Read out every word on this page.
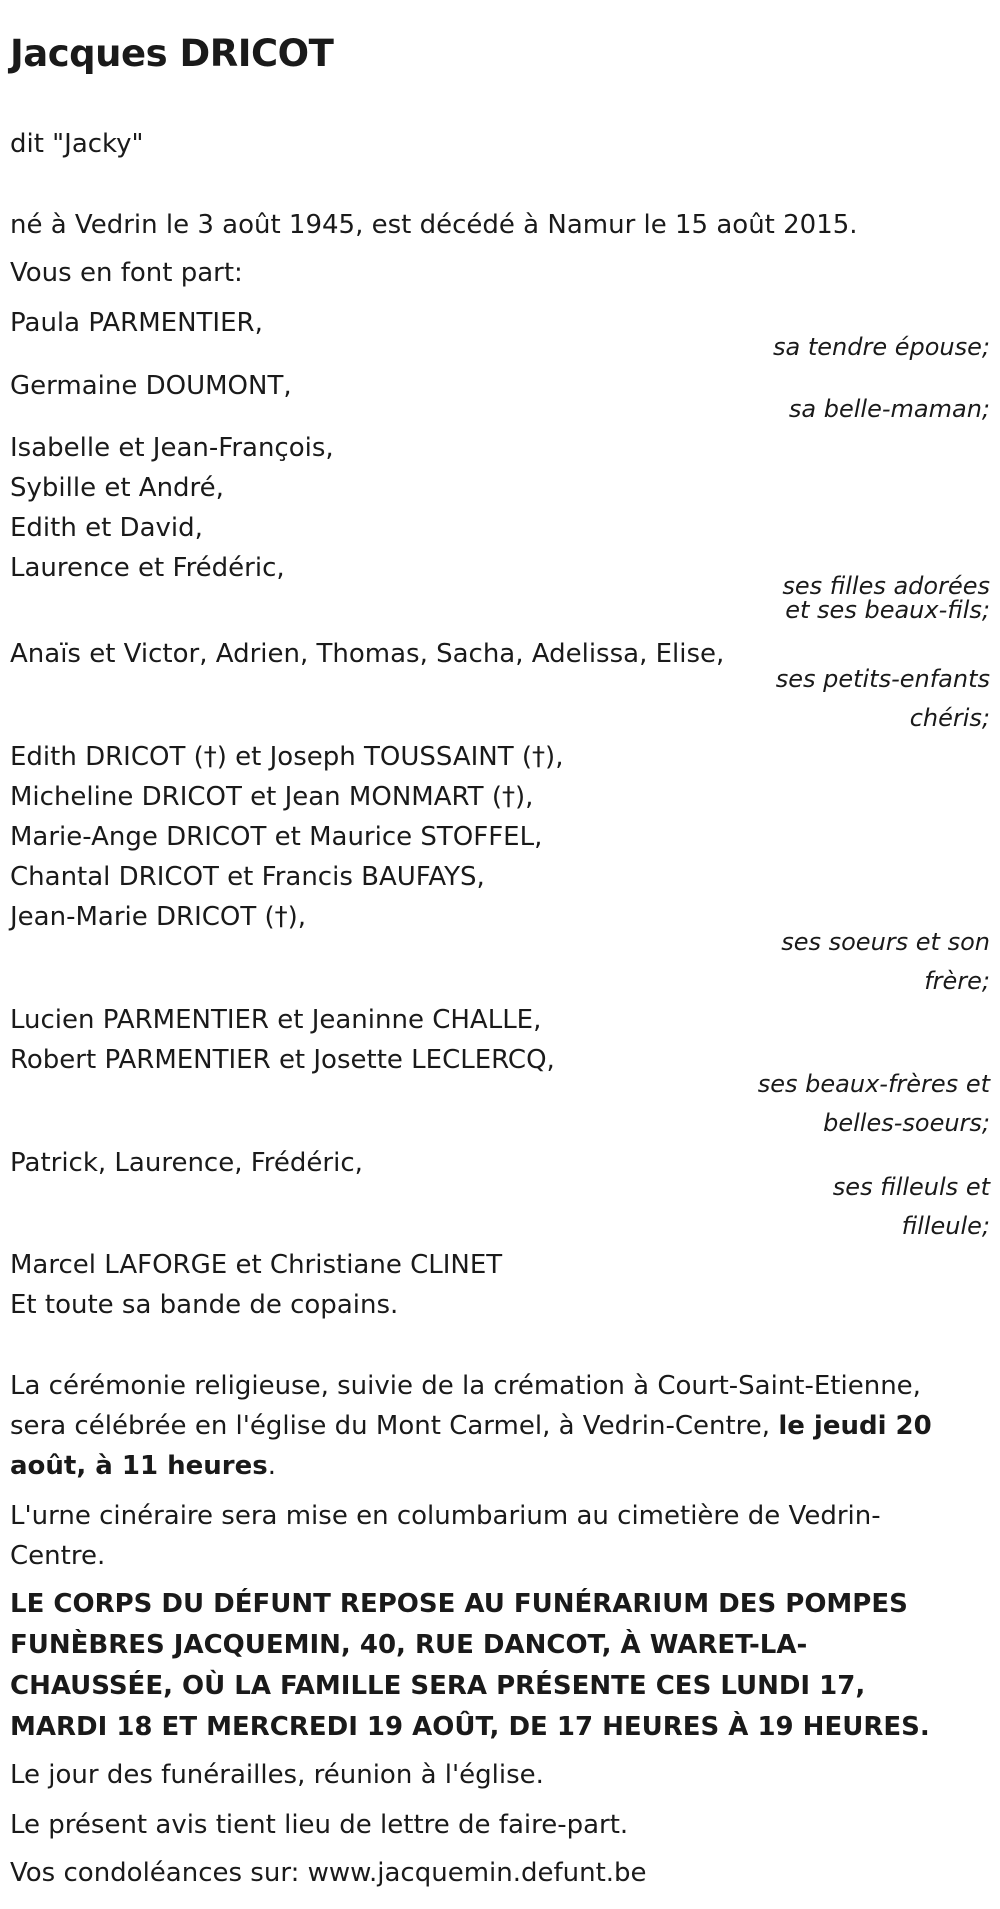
Jacques DRICOT
dit "Jacky"
né à Vedrin le 3 août 1945, est décédé à Namur le 15 août 2015.
Vous en font part:
Paula PARMENTIER,
sa tendre épouse;
Germaine DOUMONT,
sa belle-maman;
Isabelle et Jean-François,
Sybille et André,
Edith et David,
Laurence et Frédéric,
ses filles adorées
et ses beaux-fils;
Anaïs et Victor, Adrien, Thomas, Sacha, Adelissa, Elise,
ses petits-enfants
chéris;
Edith DRICOT (†) et Joseph TOUSSAINT (†),
Micheline DRICOT et Jean MONMART (†),
Marie-Ange DRICOT et Maurice STOFFEL,
Chantal DRICOT et Francis BAUFAYS,
Jean-Marie DRICOT (†),
ses soeurs et son
frère;
Lucien PARMENTIER et Jeaninne CHALLE,
Robert PARMENTIER et Josette LECLERCQ,
ses beaux-frères et
belles-soeurs;
Patrick, Laurence, Frédéric,
ses filleuls et
filleule;
Marcel LAFORGE et Christiane CLINET
Et toute sa bande de copains.
La cérémonie religieuse, suivie de la crémation à Court-Saint-Etienne, sera célébrée en l'église du Mont Carmel, à Vedrin-Centre, le jeudi 20 août, à 11 heures.
L'urne cinéraire sera mise en columbarium au cimetière de Vedrin-Centre.
LE CORPS DU DÉFUNT REPOSE AU FUNÉRARIUM DES POMPES FUNÈBRES JACQUEMIN, 40, RUE DANCOT, À WARET-LA-CHAUSSÉE, OÙ LA FAMILLE SERA PRÉSENTE CES LUNDI 17, MARDI 18 ET MERCREDI 19 AOÛT, DE 17 HEURES À 19 HEURES.
Le jour des funérailles, réunion à l'église.
Le présent avis tient lieu de lettre de faire-part.
Vos condoléances sur: www.jacquemin.defunt.be
